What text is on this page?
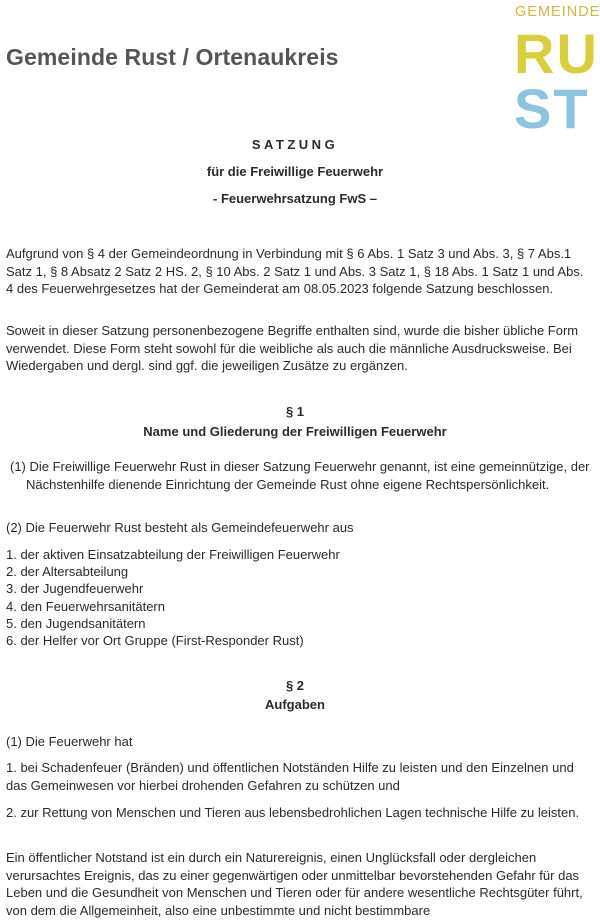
Gemeinde Rust / Ortenaukreis
GEMEINDE
RU
ST
SATZUNG
für die Freiwillige Feuerwehr
- Feuerwehrsatzung FwS –
Aufgrund von § 4 der Gemeindeordnung in Verbindung mit § 6 Abs. 1 Satz 3 und Abs. 3, § 7 Abs.1 Satz 1, § 8 Absatz 2 Satz 2 HS. 2, § 10 Abs. 2 Satz 1 und Abs. 3 Satz 1, § 18 Abs. 1 Satz 1 und Abs. 4 des Feuerwehrgesetzes hat der Gemeinderat am 08.05.2023 folgende Satzung beschlossen.
Soweit in dieser Satzung personenbezogene Begriffe enthalten sind, wurde die bisher übliche Form verwendet. Diese Form steht sowohl für die weibliche als auch die männliche Ausdrucksweise. Bei Wiedergaben und dergl. sind ggf. die jeweiligen Zusätze zu ergänzen.
§ 1
Name und Gliederung der Freiwilligen Feuerwehr
(1) Die Freiwillige Feuerwehr Rust in dieser Satzung Feuerwehr genannt, ist eine gemeinnützige, der Nächstenhilfe dienende Einrichtung der Gemeinde Rust ohne eigene Rechtspersönlichkeit.
(2) Die Feuerwehr Rust besteht als Gemeindefeuerwehr aus
1. der aktiven Einsatzabteilung der Freiwilligen Feuerwehr
2. der Altersabteilung
3. der Jugendfeuerwehr
4. den Feuerwehrsanitätern
5. den Jugendsanitätern
6. der Helfer vor Ort Gruppe (First-Responder Rust)
§ 2
Aufgaben
(1) Die Feuerwehr hat
1. bei Schadenfeuer (Bränden) und öffentlichen Notständen Hilfe zu leisten und den Einzelnen und das Gemeinwesen vor hierbei drohenden Gefahren zu schützen und
2. zur Rettung von Menschen und Tieren aus lebensbedrohlichen Lagen technische Hilfe zu leisten.
Ein öffentlicher Notstand ist ein durch ein Naturereignis, einen Unglücksfall oder dergleichen verursachtes Ereignis, das zu einer gegenwärtigen oder unmittelbar bevorstehenden Gefahr für das Leben und die Gesundheit von Menschen und Tieren oder für andere wesentliche Rechtsgüter führt, von dem die Allgemeinheit, also eine unbestimmte und nicht bestimmbare
